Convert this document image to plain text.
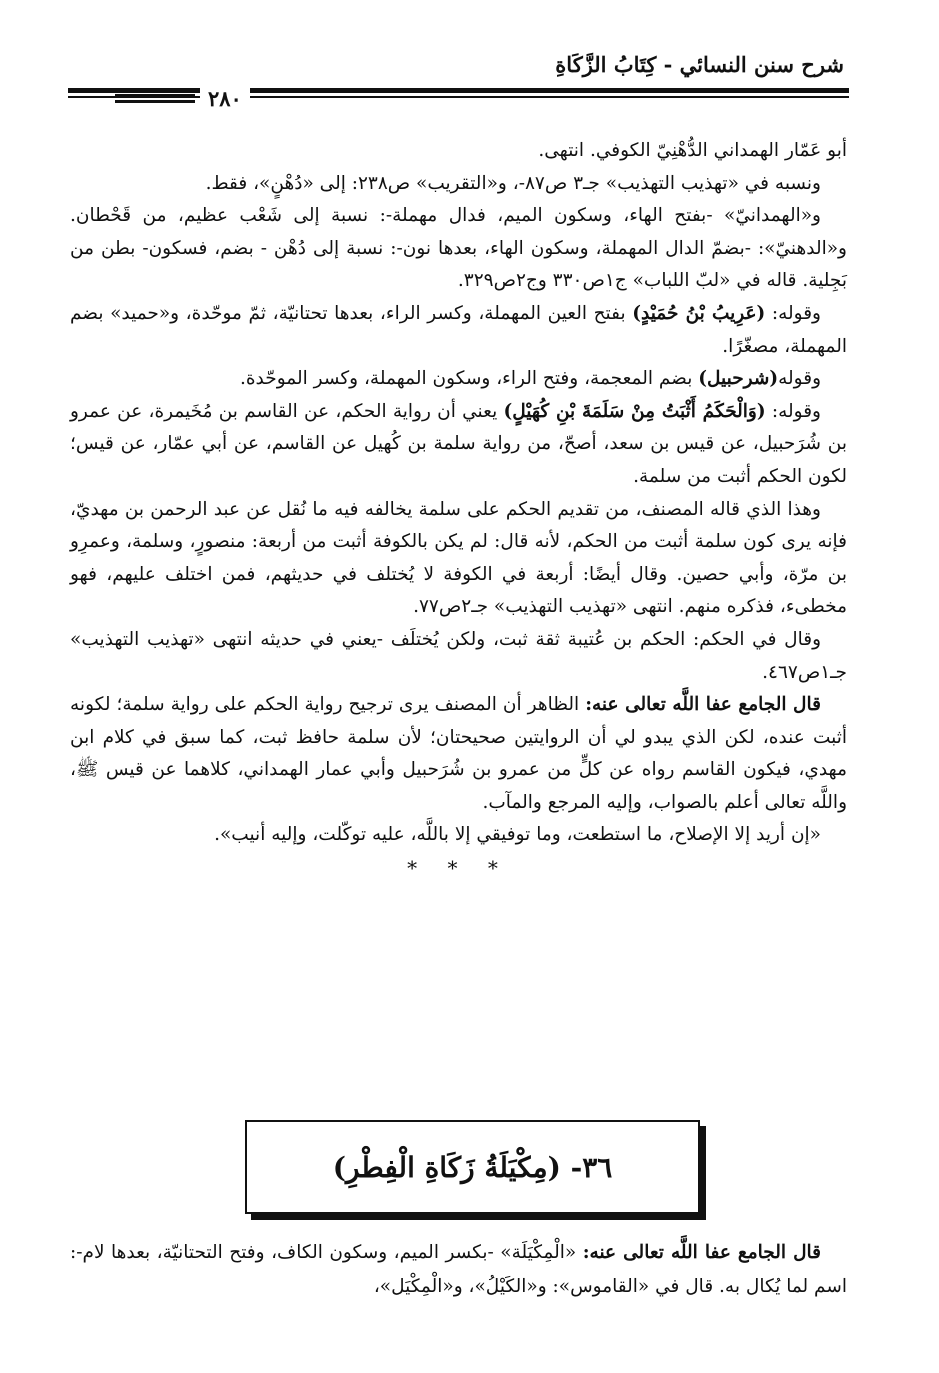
شرح سنن النسائي - كِتَابُ الزَّكَاةِ
٢٨٠

أبو عَمّار الهمداني الدُّهْنِيّ الكوفي. انتهى.

ونسبه في «تهذيب التهذيب» جـ٣ ص٨٧-، و«التقريب» ص٢٣٨: إلى «دُهْنٍ»، فقط.

و«الهمدانيّ» -بفتح الهاء، وسكون الميم، فدال مهملة-: نسبة إلى شَعْب عظيم، من قَحْطان. و«الدهنيّ»: -بضمّ الدال المهملة، وسكون الهاء، بعدها نون-: نسبة إلى دُهْن - بضم، فسكون- بطن من بَجِلية. قاله في «لبّ اللباب» ج١ص٣٣٠ وج٢ص٣٢٩.

وقوله: (عَرِيبُ بْنُ حُمَيْدٍ) بفتح العين المهملة، وكسر الراء، بعدها تحتانيّة، ثمّ موحّدة، و«حميد» بضم المهملة، مصغّرًا.

وقوله(شرحبيل) بضم المعجمة، وفتح الراء، وسكون المهملة، وكسر الموحّدة.

وقوله: (وَالْحَكَمُ أَثْبَتُ مِنْ سَلَمَةَ بْنِ كُهَيْلٍ) يعني أن رواية الحكم، عن القاسم بن مُخَيمرة، عن عمرو بن شُرَحبيل، عن قيس بن سعد، أصحّ، من رواية سلمة بن كُهيل عن القاسم، عن أبي عمّار، عن قيس؛ لكون الحكم أثبت من سلمة.

وهذا الذي قاله المصنف، من تقديم الحكم على سلمة يخالفه فيه ما نُقل عن عبد الرحمن بن مهديّ، فإنه يرى كون سلمة أثبت من الحكم، لأنه قال: لم يكن بالكوفة أثبت من أربعة: منصورٍ، وسلمة، وعمرِو بن مرّة، وأبي حصين. وقال أيضًا: أربعة في الكوفة لا يُختلف في حديثهم، فمن اختلف عليهم، فهو مخطىء، فذكره منهم. انتهى «تهذيب التهذيب» جـ٢ص٧٧.

وقال في الحكم: الحكم بن عُتيبة ثقة ثبت، ولكن يُختلَف -يعني في حديثه انتهى «تهذيب التهذيب» جـ١ص٤٦٧.

قال الجامع عفا اللَّه تعالى عنه: الظاهر أن المصنف يرى ترجيح رواية الحكم على رواية سلمة؛ لكونه أثبت عنده، لكن الذي يبدو لي أن الروايتين صحيحتان؛ لأن سلمة حافظ ثبت، كما سبق في كلام ابن مهدي، فيكون القاسم رواه عن كلٍّ من عمرو بن شُرَحبيل وأبي عمار الهمداني، كلاهما عن قيس ﷺ، واللَّه تعالى أعلم بالصواب، وإليه المرجع والمآب.

«إن أريد إلا الإصلاح، ما استطعت، وما توفيقي إلا باللَّه، عليه توكّلت، وإليه أنيب».

* * *

٣٦- (مِكْيَلَةُ زَكَاةِ الْفِطْرِ)

قال الجامع عفا اللَّه تعالى عنه: «الْمِكْيَلَة» -بكسر الميم، وسكون الكاف، وفتح التحتانيّة، بعدها لام-: اسم لما يُكال به. قال في «القاموس»: و«الكَيْلُ»، و«الْمِكْيَل»،
